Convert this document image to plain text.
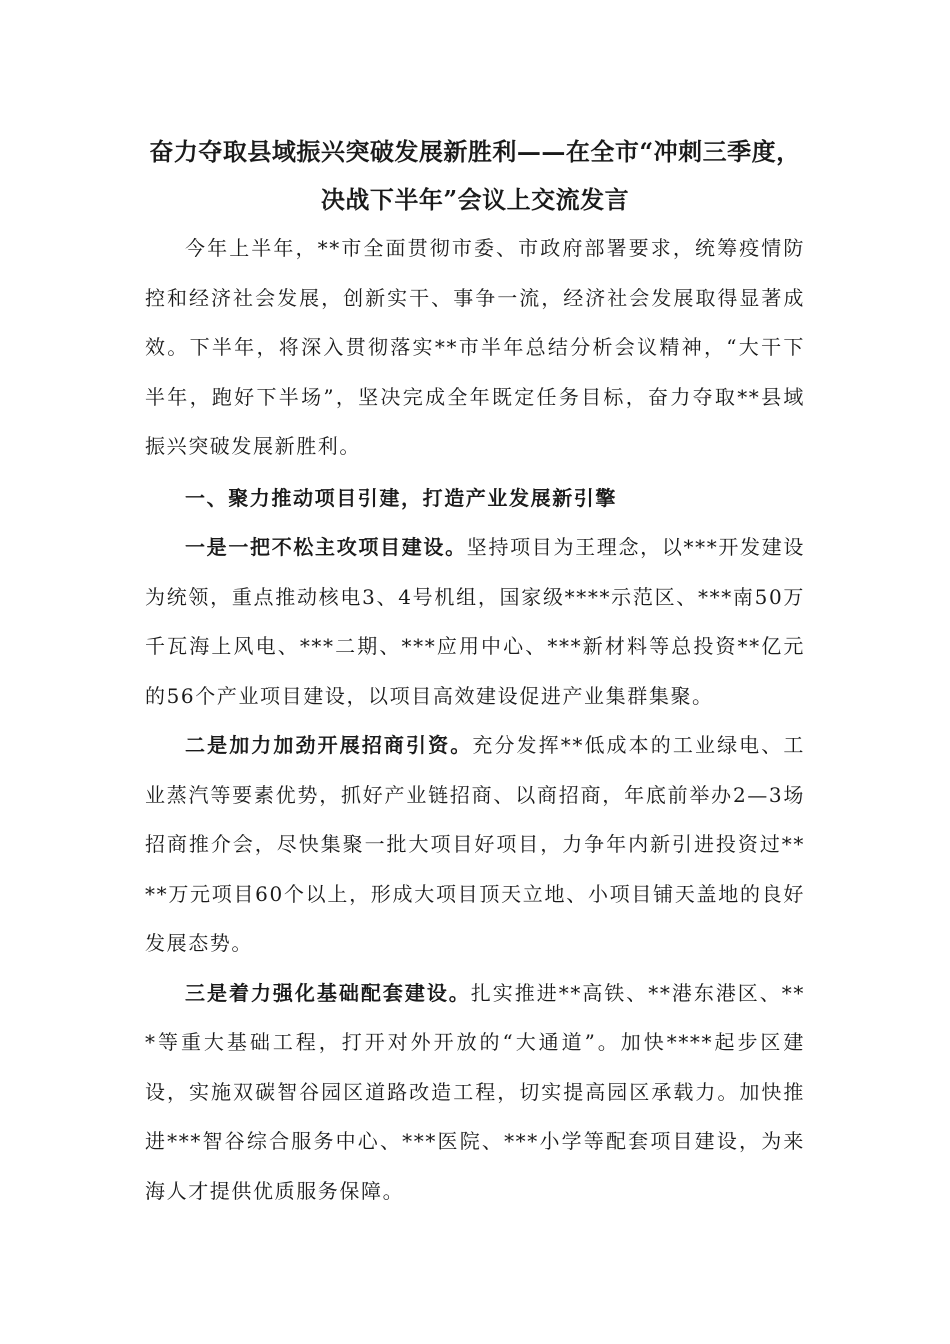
奋力夺取县域振兴突破发展新胜利——在全市“冲刺三季度，决战下半年”会议上交流发言

今年上半年，**市全面贯彻市委、市政府部署要求，统筹疫情防控和经济社会发展，创新实干、事争一流，经济社会发展取得显著成效。下半年，将深入贯彻落实**市半年总结分析会议精神，“大干下半年，跑好下半场”，坚决完成全年既定任务目标，奋力夺取**县域振兴突破发展新胜利。

一、聚力推动项目引建，打造产业发展新引擎

一是一把不松主攻项目建设。坚持项目为王理念，以***开发建设为统领，重点推动核电3、4号机组，国家级****示范区、***南50万千瓦海上风电、***二期、***应用中心、***新材料等总投资**亿元的56个产业项目建设，以项目高效建设促进产业集群集聚。

二是加力加劲开展招商引资。充分发挥**低成本的工业绿电、工业蒸汽等要素优势，抓好产业链招商、以商招商，年底前举办2—3场招商推介会，尽快集聚一批大项目好项目，力争年内新引进投资过****万元项目60个以上，形成大项目顶天立地、小项目铺天盖地的良好发展态势。

三是着力强化基础配套建设。扎实推进**高铁、**港东港区、***等重大基础工程，打开对外开放的“大通道”。加快****起步区建设，实施双碳智谷园区道路改造工程，切实提高园区承载力。加快推进***智谷综合服务中心、***医院、***小学等配套项目建设，为来海人才提供优质服务保障。
